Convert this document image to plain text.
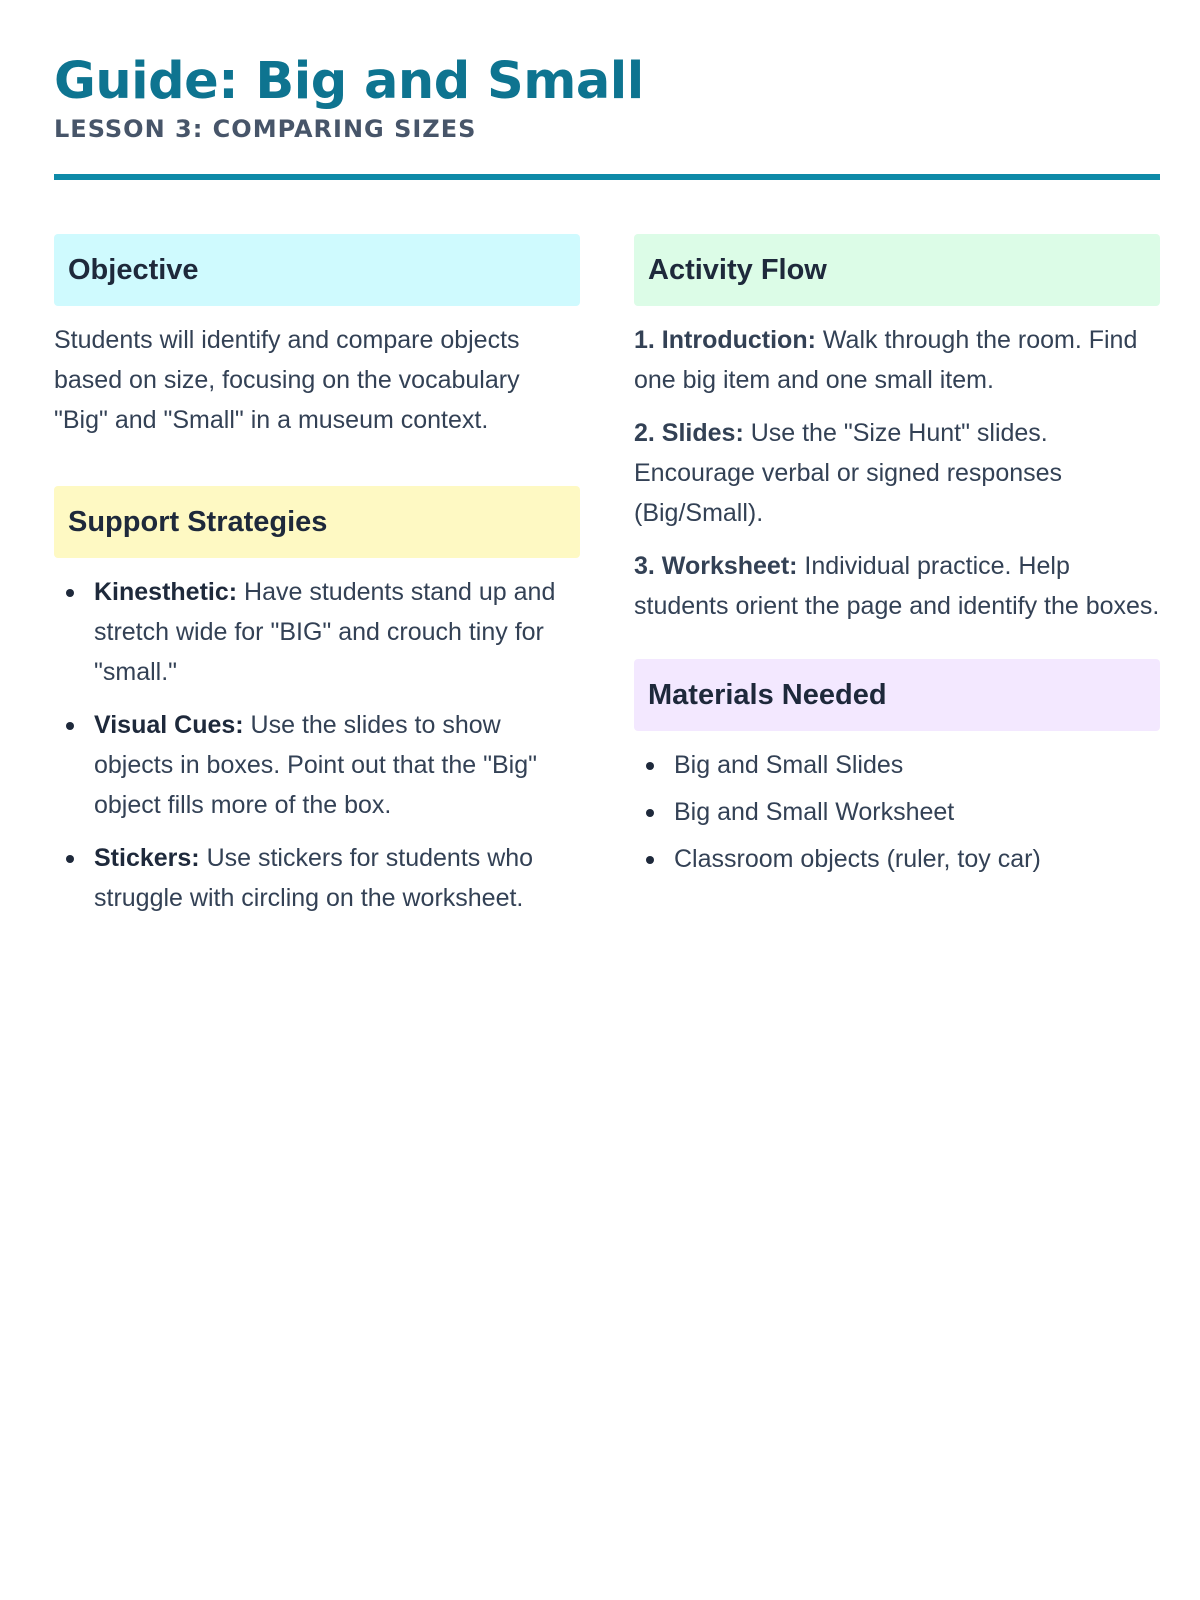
Guide: Big and Small
LESSON 3: COMPARING SIZES
Objective

Students will identify and compare objects based on size, focusing on the vocabulary "Big" and "Small" in a museum context.

Support Strategies
Kinesthetic: Have students stand up and stretch wide for "BIG" and crouch tiny for "small."
Visual Cues: Use the slides to show objects in boxes. Point out that the "Big" object fills more of the box.
Stickers: Use stickers for students who struggle with circling on the worksheet.
Activity Flow

1. Introduction: Walk through the room. Find one big item and one small item.

2. Slides: Use the "Size Hunt" slides. Encourage verbal or signed responses (Big/Small).

3. Worksheet: Individual practice. Help students orient the page and identify the boxes.

Materials Needed
Big and Small Slides
Big and Small Worksheet
Classroom objects (ruler, toy car)
